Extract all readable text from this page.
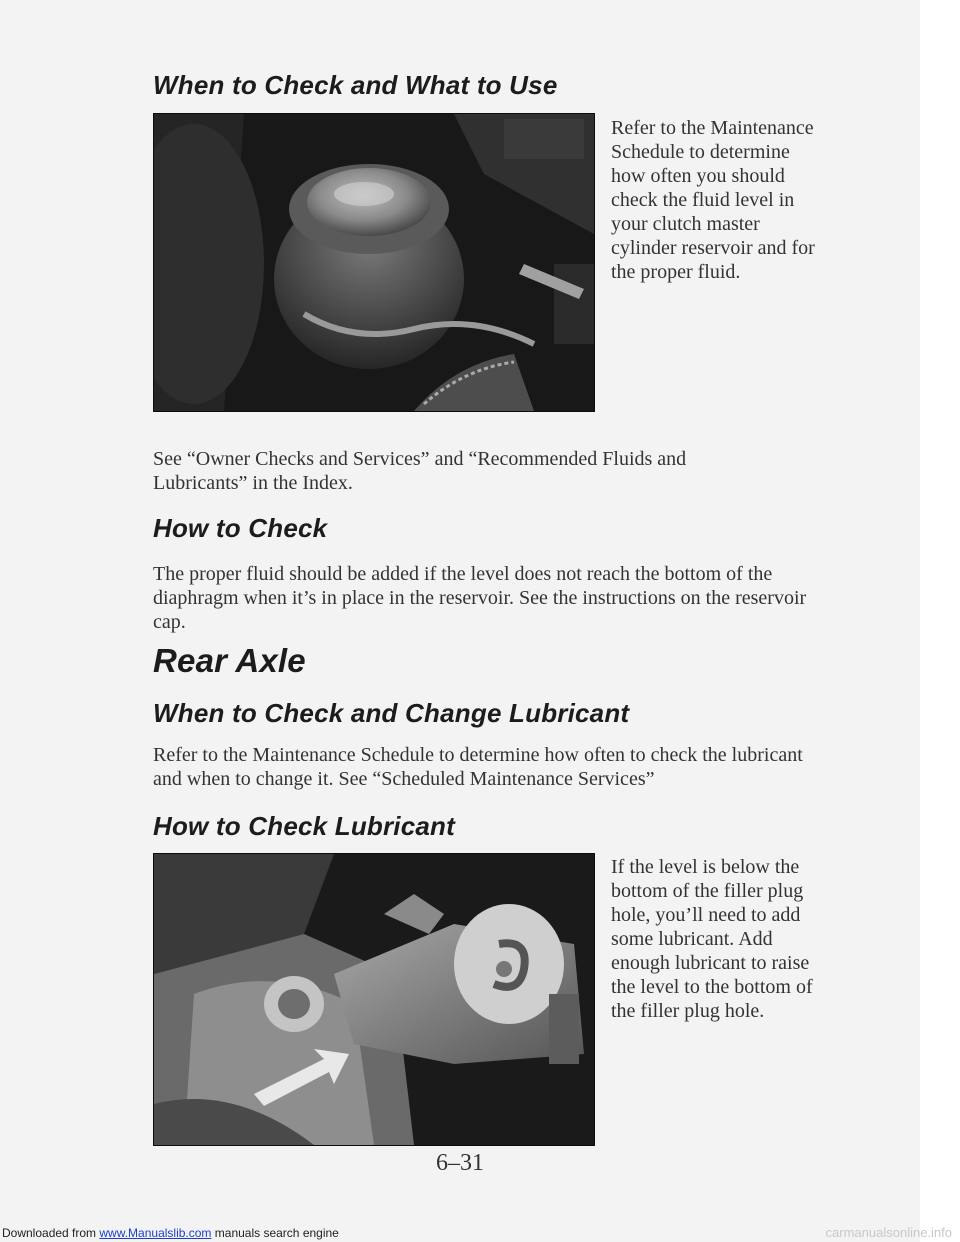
When to Check and What to Use

Refer to the Maintenance Schedule to determine how often you should check the fluid level in your clutch master cylinder reservoir and for the proper fluid.

See “Owner Checks and Services” and “Recommended Fluids and Lubricants” in the Index.

How to Check

The proper fluid should be added if the level does not reach the bottom of the diaphragm when it’s in place in the reservoir. See the instructions on the reservoir cap.

Rear Axle
When to Check and Change Lubricant

Refer to the Maintenance Schedule to determine how often to check the lubricant and when to change it. See “Scheduled Maintenance Services”

How to Check Lubricant

If the level is below the bottom of the filler plug hole, you’ll need to add some lubricant. Add enough lubricant to raise the level to the bottom of the filler plug hole.

6–31
Downloaded from www.Manualslib.com manuals search engine	carmanualsonline.info
